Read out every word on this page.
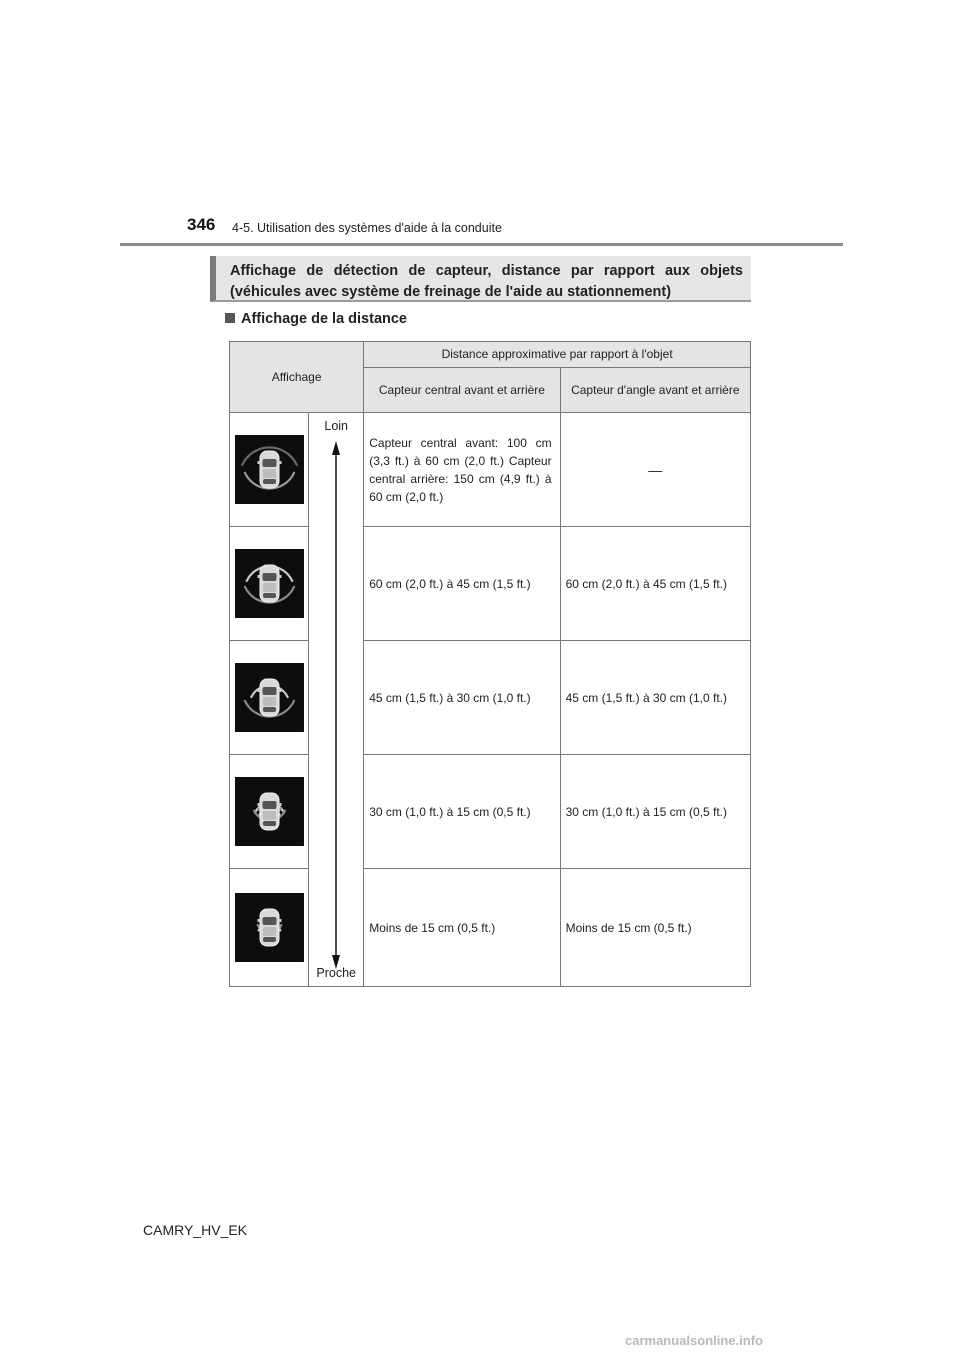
346 4-5. Utilisation des systèmes d'aide à la conduite
Affichage de détection de capteur, distance par rapport aux objets (véhicules avec système de freinage de l'aide au stationnement)
Affichage de la distance
Affichage		Distance approximative par rapport à l'objet	
		Capteur central avant et arrière	Capteur d'angle avant et arrière

Loin
Proche	Capteur central avant: 100 cm (3,3 ft.) à 60 cm (2,0 ft.) Capteur central arrière: 150 cm (4,9 ft.) à 60 cm (2,0 ft.)	—

60 cm (2,0 ft.) à 45 cm (1,5 ft.)	60 cm (2,0 ft.) à 45 cm (1,5 ft.)

45 cm (1,5 ft.) à 30 cm (1,0 ft.)	45 cm (1,5 ft.) à 30 cm (1,0 ft.)

30 cm (1,0 ft.) à 15 cm (0,5 ft.)	30 cm (1,0 ft.) à 15 cm (0,5 ft.)

Moins de 15 cm (0,5 ft.)	Moins de 15 cm (0,5 ft.)
CAMRY_HV_EK
carmanualsonline.info
